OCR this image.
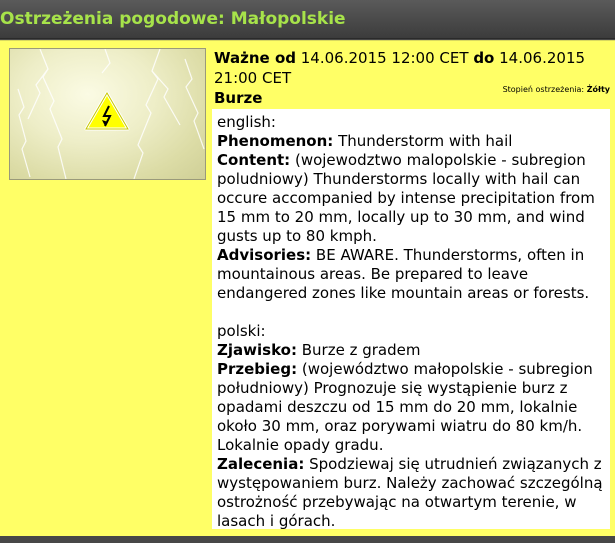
Ostrzeżenia pogodowe: Małopolskie
Ważne od 14.06.2015 12:00 CET do 14.06.2015 21:00 CET
Burze	Stopień ostrzeżenia: Żółty

english:

Phenomenon: Thunderstorm with hail

Content: (wojewodztwo malopolskie - subregion poludniowy) Thunderstorms locally with hail can occure accompanied by intense precipitation from 15 mm to 20 mm, locally up to 30 mm, and wind gusts up to 80 kmph.

Advisories: BE AWARE. Thunderstorms, often in mountainous areas. Be prepared to leave endangered zones like mountain areas or forests.

polski:

Zjawisko: Burze z gradem

Przebieg: (województwo małopolskie - subregion południowy) Prognozuje się wystąpienie burz z opadami deszczu od 15 mm do 20 mm, lokalnie około 30 mm, oraz porywami wiatru do 80 km/h. Lokalnie opady gradu.

Zalecenia: Spodziewaj się utrudnień związanych z występowaniem burz. Należy zachować szczególną ostrożność przebywając na otwartym terenie, w lasach i górach.
